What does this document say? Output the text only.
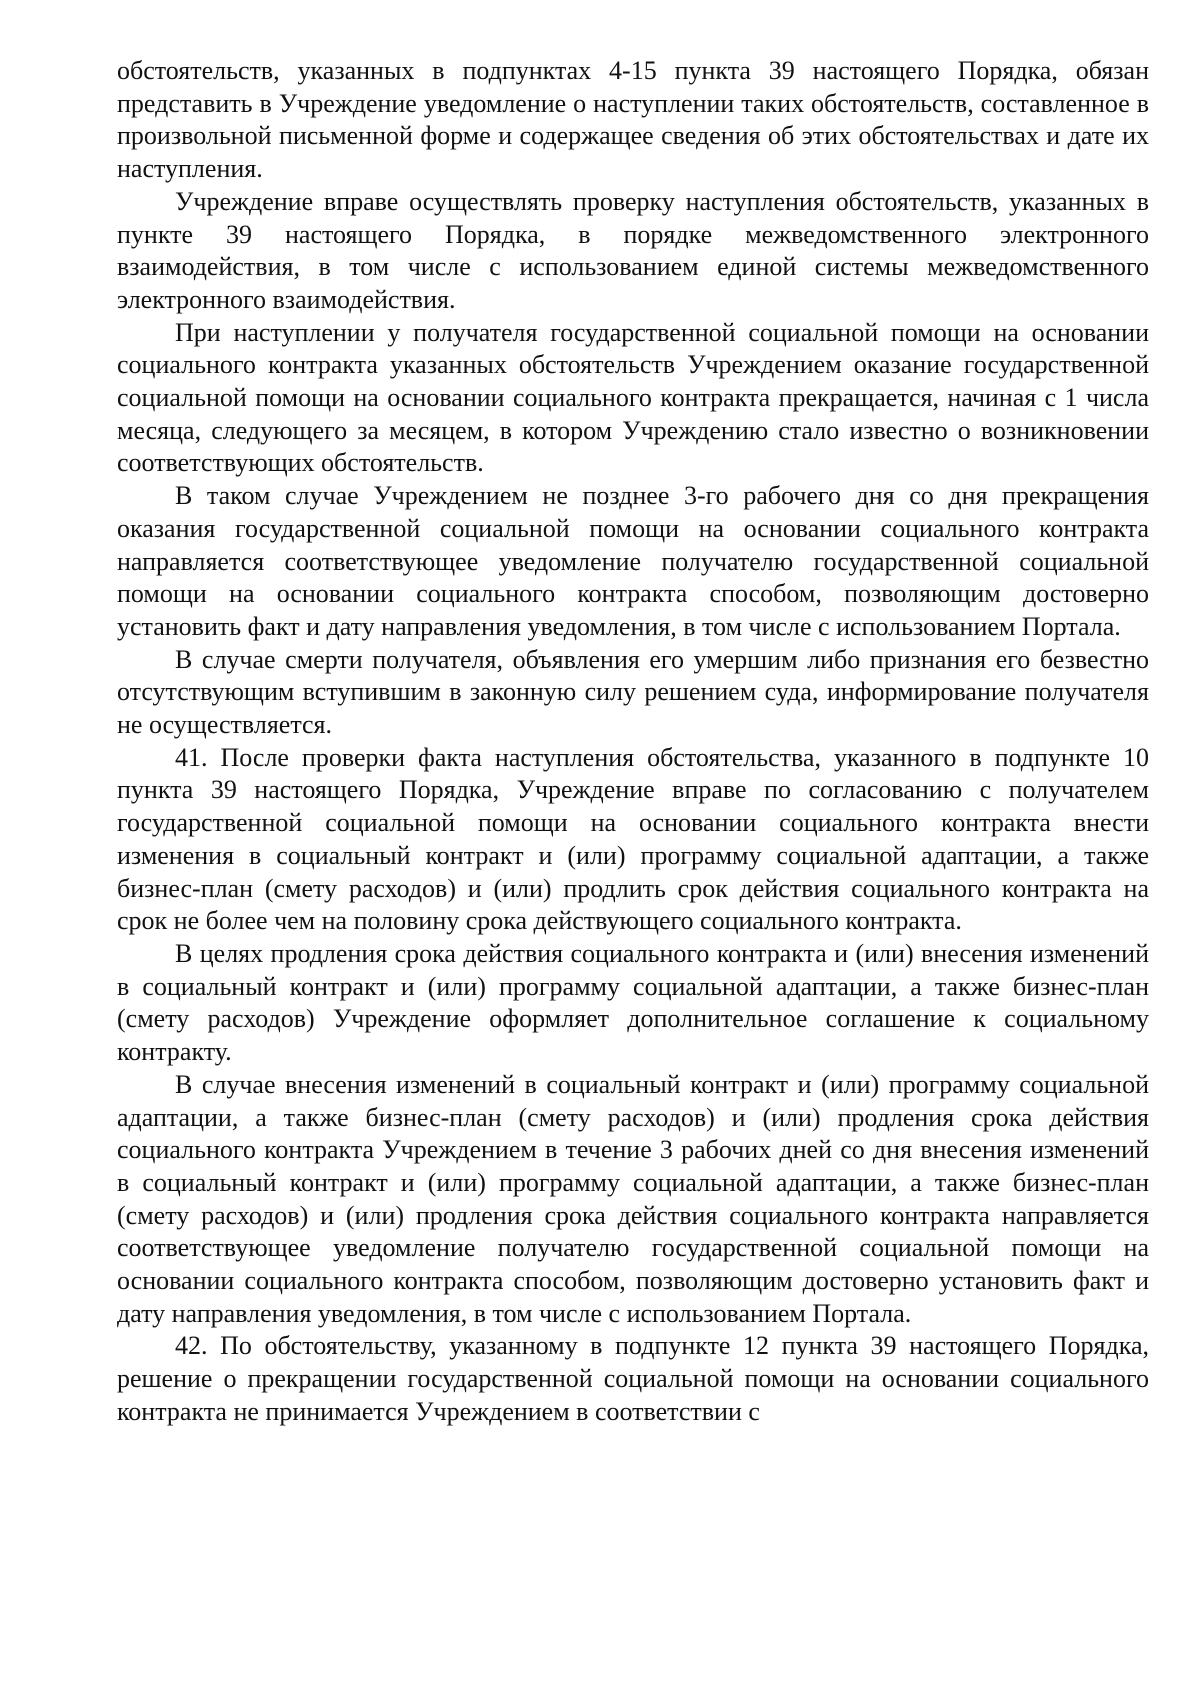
обстоятельств, указанных в подпунктах 4-15 пункта 39 настоящего Порядка, обязан представить в Учреждение уведомление о наступлении таких обстоятельств, составленное в произвольной письменной форме и содержащее сведения об этих обстоятельствах и дате их наступления.

Учреждение вправе осуществлять проверку наступления обстоятельств, указанных в пункте 39 настоящего Порядка, в порядке межведомственного электронного взаимодействия, в том числе с использованием единой системы межведомственного электронного взаимодействия.

При наступлении у получателя государственной социальной помощи на основании социального контракта указанных обстоятельств Учреждением оказание государственной социальной помощи на основании социального контракта прекращается, начиная с 1 числа месяца, следующего за месяцем, в котором Учреждению стало известно о возникновении соответствующих обстоятельств.

В таком случае Учреждением не позднее 3-го рабочего дня со дня прекращения оказания государственной социальной помощи на основании социального контракта направляется соответствующее уведомление получателю государственной социальной помощи на основании социального контракта способом, позволяющим достоверно установить факт и дату направления уведомления, в том числе с использованием Портала.

В случае смерти получателя, объявления его умершим либо признания его безвестно отсутствующим вступившим в законную силу решением суда, информирование получателя не осуществляется.

41. После проверки факта наступления обстоятельства, указанного в подпункте 10 пункта 39 настоящего Порядка, Учреждение вправе по согласованию с получателем государственной социальной помощи на основании социального контракта внести изменения в социальный контракт и (или) программу социальной адаптации, а также бизнес-план (смету расходов) и (или) продлить срок действия социального контракта на срок не более чем на половину срока действующего социального контракта.

В целях продления срока действия социального контракта и (или) внесения изменений в социальный контракт и (или) программу социальной адаптации, а также бизнес-план (смету расходов) Учреждение оформляет дополнительное соглашение к социальному контракту.

В случае внесения изменений в социальный контракт и (или) программу социальной адаптации, а также бизнес-план (смету расходов) и (или) продления срока действия социального контракта Учреждением в течение 3 рабочих дней со дня внесения изменений в социальный контракт и (или) программу социальной адаптации, а также бизнес-план (смету расходов) и (или) продления срока действия социального контракта направляется соответствующее уведомление получателю государственной социальной помощи на основании социального контракта способом, позволяющим достоверно установить факт и дату направления уведомления, в том числе с использованием Портала.

42. По обстоятельству, указанному в подпункте 12 пункта 39 настоящего Порядка, решение о прекращении государственной социальной помощи на основании социального контракта не принимается Учреждением в соответствии с
